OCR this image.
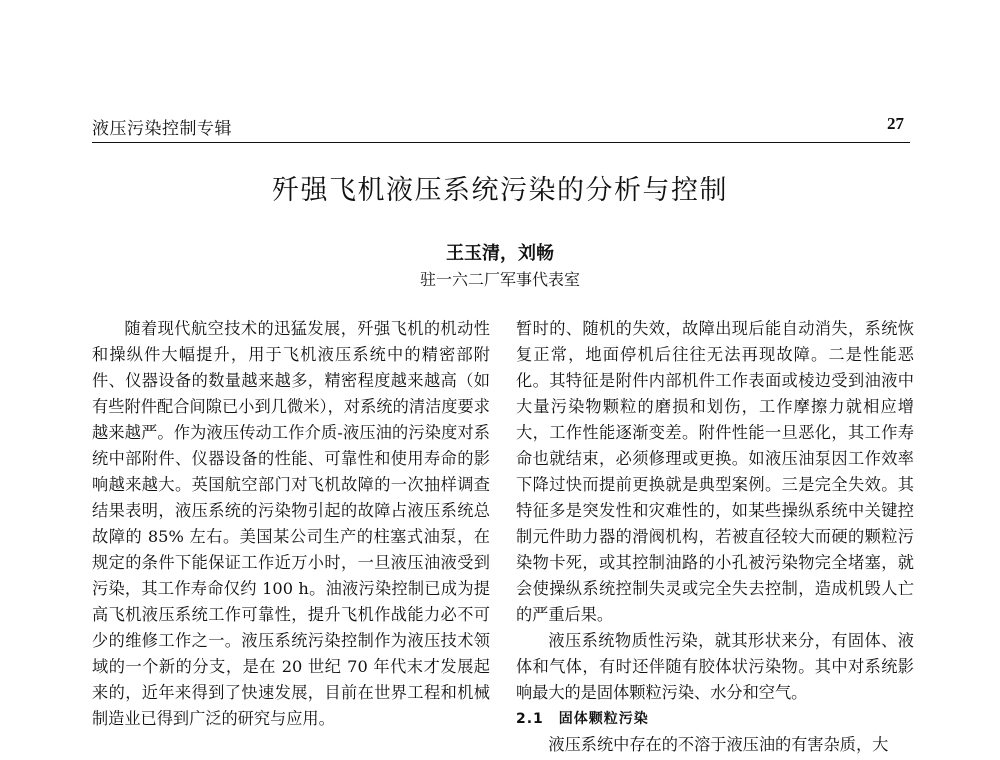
液压污染控制专辑	27
歼强飞机液压系统污染的分析与控制
王玉清，刘畅
驻一六二厂军事代表室

随着现代航空技术的迅猛发展，歼强飞机的机动性和操纵件大幅提升，用于飞机液压系统中的精密部附件、仪器设备的数量越来越多，精密程度越来越高（如有些附件配合间隙已小到几微米），对系统的清洁度要求越来越严。作为液压传动工作介质-液压油的污染度对系统中部附件、仪器设备的性能、可靠性和使用寿命的影响越来越大。英国航空部门对飞机故障的一次抽样调查结果表明，液压系统的污染物引起的故障占液压系统总故障的 85% 左右。美国某公司生产的柱塞式油泵，在规定的条件下能保证工作近万小时，一旦液压油液受到污染，其工作寿命仅约 100 h。油液污染控制已成为提高飞机液压系统工作可靠性，提升飞机作战能力必不可少的维修工作之一。液压系统污染控制作为液压技术领域的一个新的分支，是在 20 世纪 70 年代末才发展起来的，近年来得到了快速发展，目前在世界工程和机械制造业已得到广泛的研究与应用。

暂时的、随机的失效，故障出现后能自动消失，系统恢复正常，地面停机后往往无法再现故障。二是性能恶化。其特征是附件内部机件工作表面或棱边受到油液中大量污染物颗粒的磨损和划伤，工作摩擦力就相应增大，工作性能逐渐变差。附件性能一旦恶化，其工作寿命也就结束，必须修理或更换。如液压油泵因工作效率下降过快而提前更换就是典型案例。三是完全失效。其特征多是突发性和灾难性的，如某些操纵系统中关键控制元件助力器的滑阀机构，若被直径较大而硬的颗粒污染物卡死，或其控制油路的小孔被污染物完全堵塞，就会使操纵系统控制失灵或完全失去控制，造成机毁人亡的严重后果。

液压系统物质性污染，就其形状来分，有固体、液体和气体，有时还伴随有胶体状污染物。其中对系统影响最大的是固体颗粒污染、水分和空气。

2.1　固体颗粒污染

液压系统中存在的不溶于液压油的有害杂质，大
